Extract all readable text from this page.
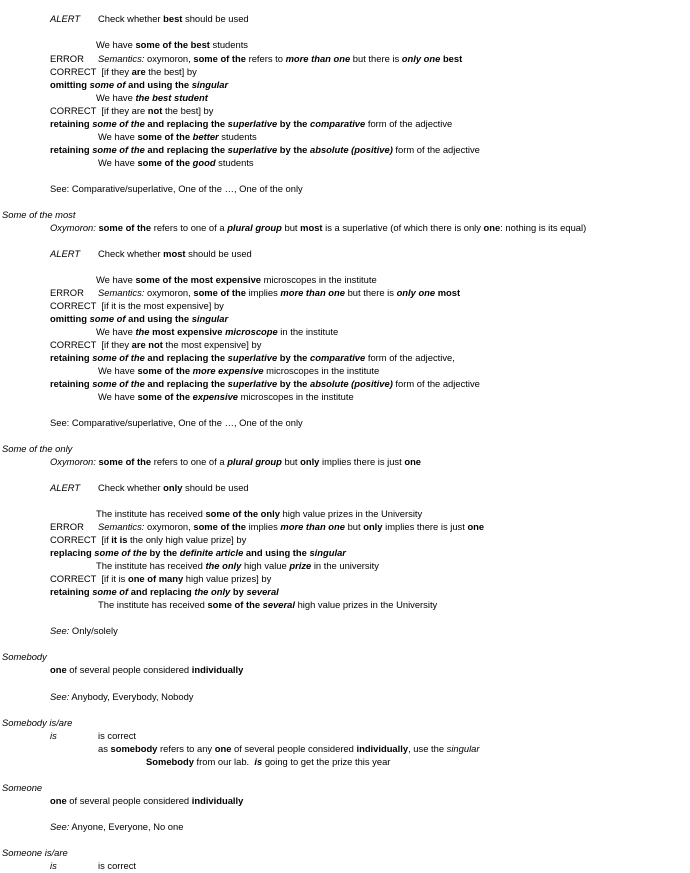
ALERT Check whether best should be used
We have some of the best students
ERROR Semantics: oxymoron, some of the refers to more than one but there is only one best
CORRECT  [if they are the best] by
omitting some of and using the singular
We have the best student
CORRECT  [if they are not the best] by
retaining some of the and replacing the superlative by the comparative form of the adjective
We have some of the better students
retaining some of the and replacing the superlative by the absolute (positive) form of the adjective
We have some of the good students
See: Comparative/superlative, One of the …, One of the only
Some of the most
Oxymoron: some of the refers to one of a plural group but most is a superlative (of which there is only one: nothing is its equal)
ALERT Check whether most should be used
We have some of the most expensive microscopes in the institute
ERROR Semantics: oxymoron, some of the implies more than one but there is only one most
CORRECT  [if it is the most expensive] by
omitting some of and using the singular
We have the most expensive microscope in the institute
CORRECT  [if they are not the most expensive] by
retaining some of the and replacing the superlative by the comparative form of the adjective,
We have some of the more expensive microscopes in the institute
retaining some of the and replacing the superlative by the absolute (positive) form of the adjective
We have some of the expensive microscopes in the institute
See: Comparative/superlative, One of the …, One of the only
Some of the only
Oxymoron: some of the refers to one of a plural group but only implies there is just one
ALERT Check whether only should be used
The institute has received some of the only high value prizes in the University
ERROR Semantics: oxymoron, some of the implies more than one but only implies there is just one
CORRECT  [if it is the only high value prize] by
replacing some of the by the definite article and using the singular
The institute has received the only high value prize in the university
CORRECT  [if it is one of many high value prizes] by
retaining some of and replacing the only by several
The institute has received some of the several high value prizes in the University
See: Only/solely
Somebody
one of several people considered individually
See: Anybody, Everybody, Nobody
Somebody is/are
is	is correct
as somebody refers to any one of several people considered individually, use the singular
Somebody from our lab.  is going to get the prize this year
Someone
one of several people considered individually
See: Anyone, Everyone, No one
Someone is/are
is	is correct
